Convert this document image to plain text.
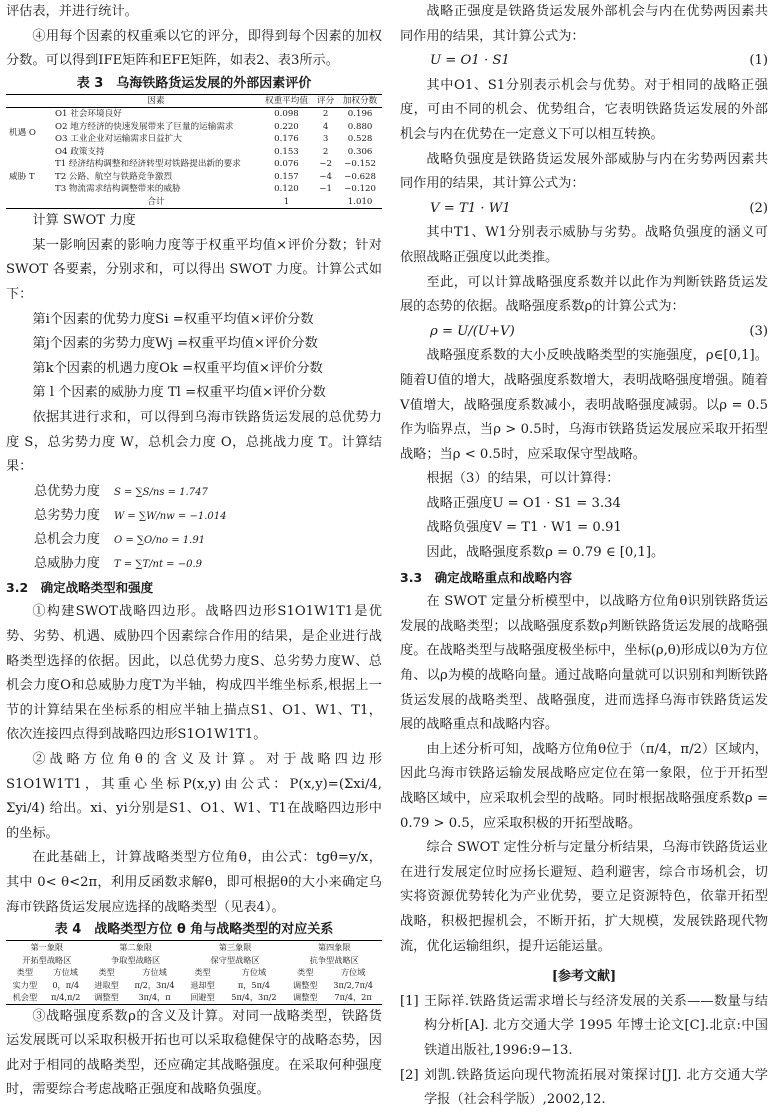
评估表，并进行统计。

④用每个因素的权重乘以它的评分，即得到每个因素的加权分数。可以得到IFE矩阵和EFE矩阵，如表2、表3所示。

表 3　乌海铁路货运发展的外部因素评价
	因素	权重平均值	评分	加权分数
机遇 O	O1 社会环境良好	0.098	2	0.196
	O2 地方经济的快速发展带来了巨量的运输需求	0.220	4	0.880
	O3 工业企业对运输需求日益扩大	0.176	3	0.528
	O4 政策支持	0.153	2	0.306
威胁 T	T1 经济结构调整和经济转型对铁路提出新的要求	0.076	−2	−0.152
	T2 公路、航空与铁路竞争激烈	0.157	−4	−0.628
	T3 物流需求结构调整带来的威胁	0.120	−1	−0.120
	合计	1		1.010

计算 SWOT 力度

某一影响因素的影响力度等于权重平均值×评价分数；针对 SWOT 各要素，分别求和，可以得出 SWOT 力度。计算公式如下：

第i个因素的优势力度Si =权重平均值×评价分数

第j个因素的劣势力度Wj =权重平均值×评价分数

第k个因素的机遇力度Ok =权重平均值×评价分数

第 l 个因素的威胁力度 Tl =权重平均值×评价分数

依据其进行求和，可以得到乌海市铁路货运发展的总优势力度 S，总劣势力度 W，总机会力度 O，总挑战力度 T。计算结果：

总优势力度 S = ∑S/ns = 1.747
总劣势力度 W = ∑W/nw = −1.014
总机会力度 O = ∑O/no = 1.91
总威胁力度 T = ∑T/nt = −0.9

3.2　确定战略类型和强度

①构建SWOT战略四边形。战略四边形S1O1W1T1是优势、劣势、机遇、威胁四个因素综合作用的结果，是企业进行战略类型选择的依据。因此，以总优势力度S、总劣势力度W、总机会力度O和总威胁力度T为半轴，构成四半维坐标系,根据上一节的计算结果在坐标系的相应半轴上描点S1、O1、W1、T1，依次连接四点得到战略四边形S1O1W1T1。

②战略方位角θ的含义及计算。对于战略四边形S1O1W1T1，其重心坐标P(x,y)由公式：P(x,y)=(Σxi/4, Σyi/4) 给出。xi、yi分别是S1、O1、W1、T1在战略四边形中的坐标。

在此基础上，计算战略类型方位角θ，由公式：tgθ=y/x，其中 0< θ<2π，利用反函数求解θ，即可根据θ的大小来确定乌海市铁路货运发展应选择的战略类型（见表4）。

表 4　战略类型方位 θ 角与战略类型的对应关系
第一象限		第二象限		第三象限		第四象限	
开拓型战略区		争取型战略区		保守型战略区		抗争型战略区	
类型	方位域	类型	方位域	类型	方位域	类型	方位域
实力型	0，π/4	进取型	π/2，3π/4	退却型	π，5π/4	调整型	3π/2,7π/4
机会型	π/4,π/2	调整型	3π/4，π	回避型	5π/4，3π/2	调整型	7π/4，2π

③战略强度系数ρ的含义及计算。对同一战略类型，铁路货运发展既可以采取积极开拓也可以采取稳健保守的战略态势，因此对于相同的战略类型，还应确定其战略强度。在采取何种强度时，需要综合考虑战略正强度和战略负强度。

战略正强度是铁路货运发展外部机会与内在优势两因素共同作用的结果，其计算公式为：

U = O1 · S1	(1)

其中O1、S1分别表示机会与优势。对于相同的战略正强度，可由不同的机会、优势组合，它表明铁路货运发展的外部机会与内在优势在一定意义下可以相互转换。

战略负强度是铁路货运发展外部威胁与内在劣势两因素共同作用的结果，其计算公式为：

V = T1 · W1	(2)

其中T1、W1分别表示威胁与劣势。战略负强度的涵义可依照战略正强度以此类推。

至此，可以计算战略强度系数并以此作为判断铁路货运发展的态势的依据。战略强度系数ρ的计算公式为：

ρ = U/(U+V)	(3)

战略强度系数的大小反映战略类型的实施强度，ρ∈[0,1]。随着U值的增大，战略强度系数增大，表明战略强度增强。随着V值增大，战略强度系数减小，表明战略强度减弱。以ρ = 0.5作为临界点，当ρ > 0.5时，乌海市铁路货运发展应采取开拓型战略；当ρ < 0.5时，应采取保守型战略。

根据（3）的结果，可以计算得：

战略正强度U = O1 · S1 = 3.34

战略负强度V = T1 · W1 = 0.91

因此，战略强度系数ρ = 0.79 ∈ [0,1]。

3.3　确定战略重点和战略内容

在 SWOT 定量分析模型中，以战略方位角θ识别铁路货运发展的战略类型；以战略强度系数ρ判断铁路货运发展的战略强度。在战略类型与战略强度极坐标中，坐标(ρ,θ)形成以θ为方位角、以ρ为模的战略向量。通过战略向量就可以识别和判断铁路货运发展的战略类型、战略强度，进而选择乌海市铁路货运发展的战略重点和战略内容。

由上述分析可知，战略方位角θ位于（π/4，π/2）区域内，因此乌海市铁路运输发展战略应定位在第一象限，位于开拓型战略区域中，应采取机会型的战略。同时根据战略强度系数ρ = 0.79 > 0.5，应采取积极的开拓型战略。

综合 SWOT 定性分析与定量分析结果，乌海市铁路货运业在进行发展定位时应扬长避短、趋利避害，综合市场机会，切实将资源优势转化为产业优势，要立足资源特色，依靠开拓型战略，积极把握机会，不断开拓，扩大规模，发展铁路现代物流，优化运输组织，提升运能运量。

[参考文献]
[1] 王际祥.铁路货运需求增长与经济发展的关系——数量与结构分析[A]. 北方交通大学 1995 年博士论文[C].北京:中国铁道出版社,1996:9−13.
[2] 刘凯.铁路货运向现代物流拓展对策探讨[J]. 北方交通大学学报（社会科学版）,2002,12.
